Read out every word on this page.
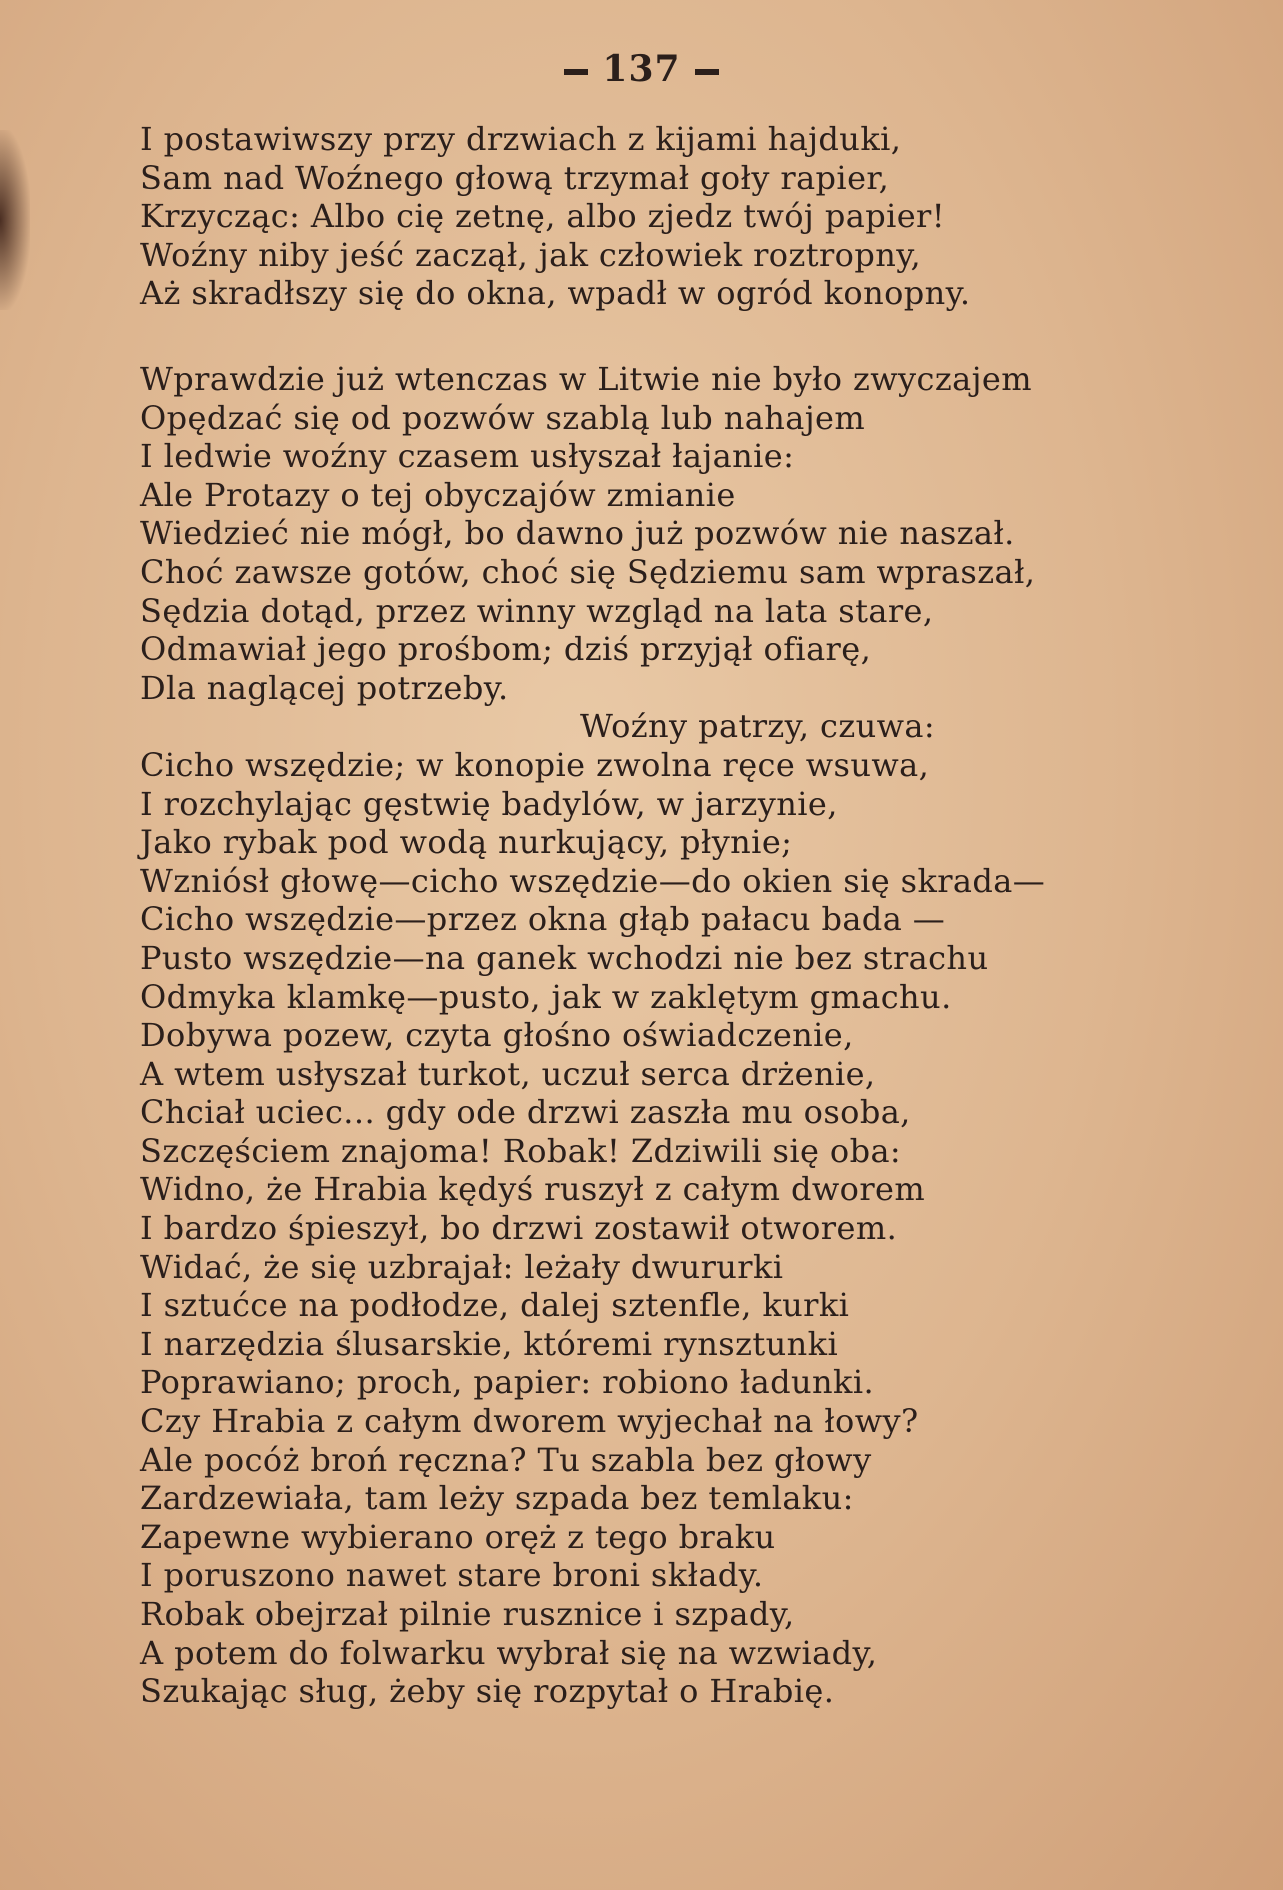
137
I postawiwszy przy drzwiach z kijami hajduki,
Sam nad Woźnego głową trzymał goły rapier,
Krzycząc: Albo cię zetnę, albo zjedz twój papier!
Woźny niby jeść zaczął, jak człowiek roztropny,
Aż skradłszy się do okna, wpadł w ogród konopny.
Wprawdzie już wtenczas w Litwie nie było zwyczajem
Opędzać się od pozwów szablą lub nahajem
I ledwie woźny czasem usłyszał łajanie:
Ale Protazy o tej obyczajów zmianie
Wiedzieć nie mógł, bo dawno już pozwów nie naszał.
Choć zawsze gotów, choć się Sędziemu sam wpraszał,
Sędzia dotąd, przez winny wzgląd na lata stare,
Odmawiał jego prośbom; dziś przyjął ofiarę,
Dla naglącej potrzeby.
Woźny patrzy, czuwa:
Cicho wszędzie; w konopie zwolna ręce wsuwa,
I rozchylając gęstwię badylów, w jarzynie,
Jako rybak pod wodą nurkujący, płynie;
Wzniósł głowę—cicho wszędzie—do okien się skrada—
Cicho wszędzie—przez okna głąb pałacu bada —
Pusto wszędzie—na ganek wchodzi nie bez strachu
Odmyka klamkę—pusto, jak w zaklętym gmachu.
Dobywa pozew, czyta głośno oświadczenie,
A wtem usłyszał turkot, uczuł serca drżenie,
Chciał uciec... gdy ode drzwi zaszła mu osoba,
Szczęściem znajoma! Robak! Zdziwili się oba:
Widno, że Hrabia kędyś ruszył z całym dworem
I bardzo śpieszył, bo drzwi zostawił otworem.
Widać, że się uzbrajał: leżały dwururki
I sztućce na podłodze, dalej sztenfle, kurki
I narzędzia ślusarskie, któremi rynsztunki
Poprawiano; proch, papier: robiono ładunki.
Czy Hrabia z całym dworem wyjechał na łowy?
Ale pocóż broń ręczna? Tu szabla bez głowy
Zardzewiała, tam leży szpada bez temlaku:
Zapewne wybierano oręż z tego braku
I poruszono nawet stare broni składy.
Robak obejrzał pilnie rusznice i szpady,
A potem do folwarku wybrał się na wzwiady,
Szukając sług, żeby się rozpytał o Hrabię.
